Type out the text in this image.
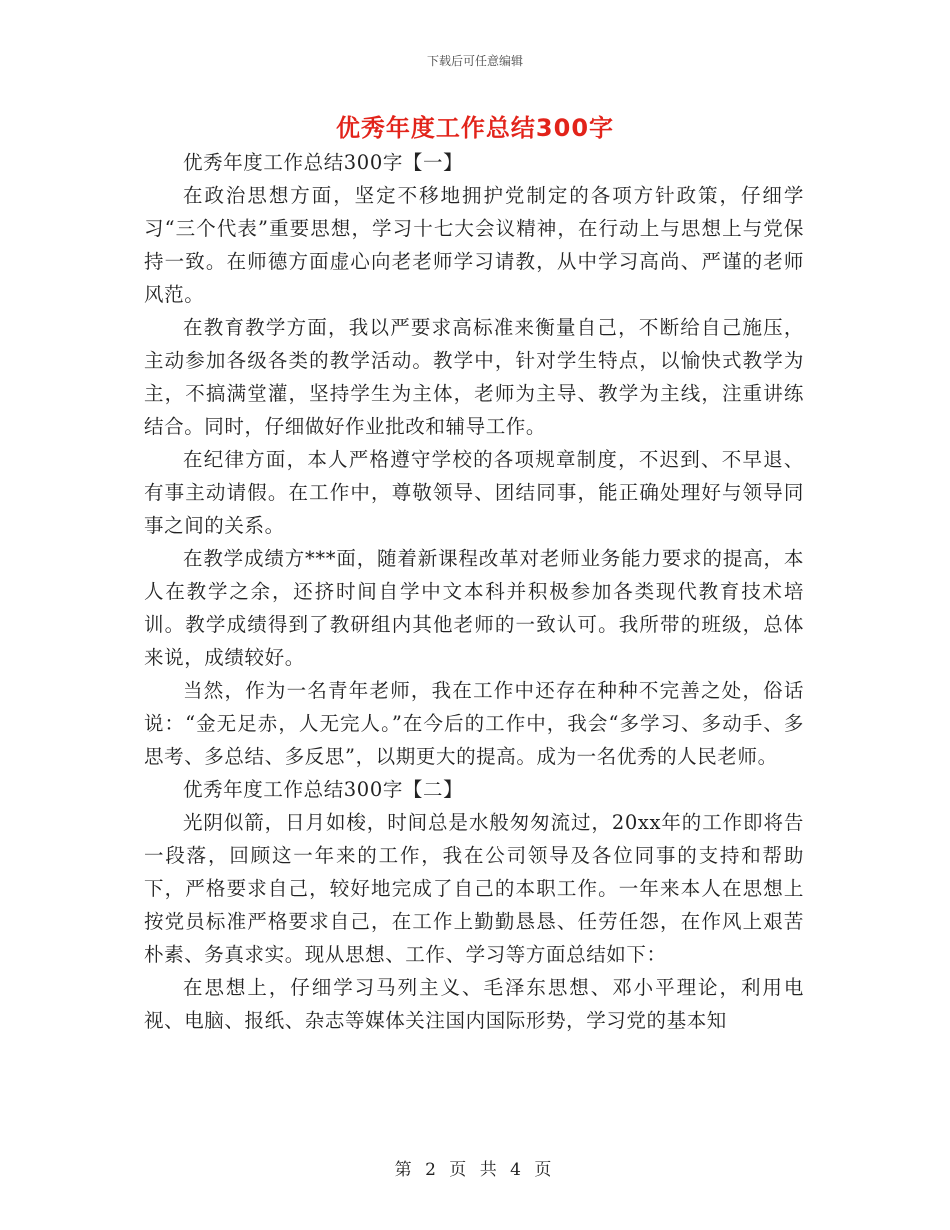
下载后可任意编辑
优秀年度工作总结300字

优秀年度工作总结300字【一】

在政治思想方面，坚定不移地拥护党制定的各项方针政策，仔细学习“三个代表”重要思想，学习十七大会议精神，在行动上与思想上与党保持一致。在师德方面虚心向老老师学习请教，从中学习高尚、严谨的老师风范。

在教育教学方面，我以严要求高标准来衡量自己，不断给自己施压，主动参加各级各类的教学活动。教学中，针对学生特点，以愉快式教学为主，不搞满堂灌，坚持学生为主体，老师为主导、教学为主线，注重讲练结合。同时，仔细做好作业批改和辅导工作。

在纪律方面，本人严格遵守学校的各项规章制度，不迟到、不早退、有事主动请假。在工作中，尊敬领导、团结同事，能正确处理好与领导同事之间的关系。

在教学成绩方***面，随着新课程改革对老师业务能力要求的提高，本人在教学之余，还挤时间自学中文本科并积极参加各类现代教育技术培训。教学成绩得到了教研组内其他老师的一致认可。我所带的班级，总体来说，成绩较好。

当然，作为一名青年老师，我在工作中还存在种种不完善之处，俗话说：“金无足赤，人无完人。”在今后的工作中，我会“多学习、多动手、多思考、多总结、多反思”，以期更大的提高。成为一名优秀的人民老师。

优秀年度工作总结300字【二】

光阴似箭，日月如梭，时间总是水般匆匆流过，20xx年的工作即将告一段落，回顾这一年来的工作，我在公司领导及各位同事的支持和帮助下，严格要求自己，较好地完成了自己的本职工作。一年来本人在思想上按党员标准严格要求自己，在工作上勤勤恳恳、任劳任怨，在作风上艰苦朴素、务真求实。现从思想、工作、学习等方面总结如下：

在思想上，仔细学习马列主义、毛泽东思想、邓小平理论，利用电视、电脑、报纸、杂志等媒体关注国内国际形势，学习党的基本知

第 2 页 共 4 页
